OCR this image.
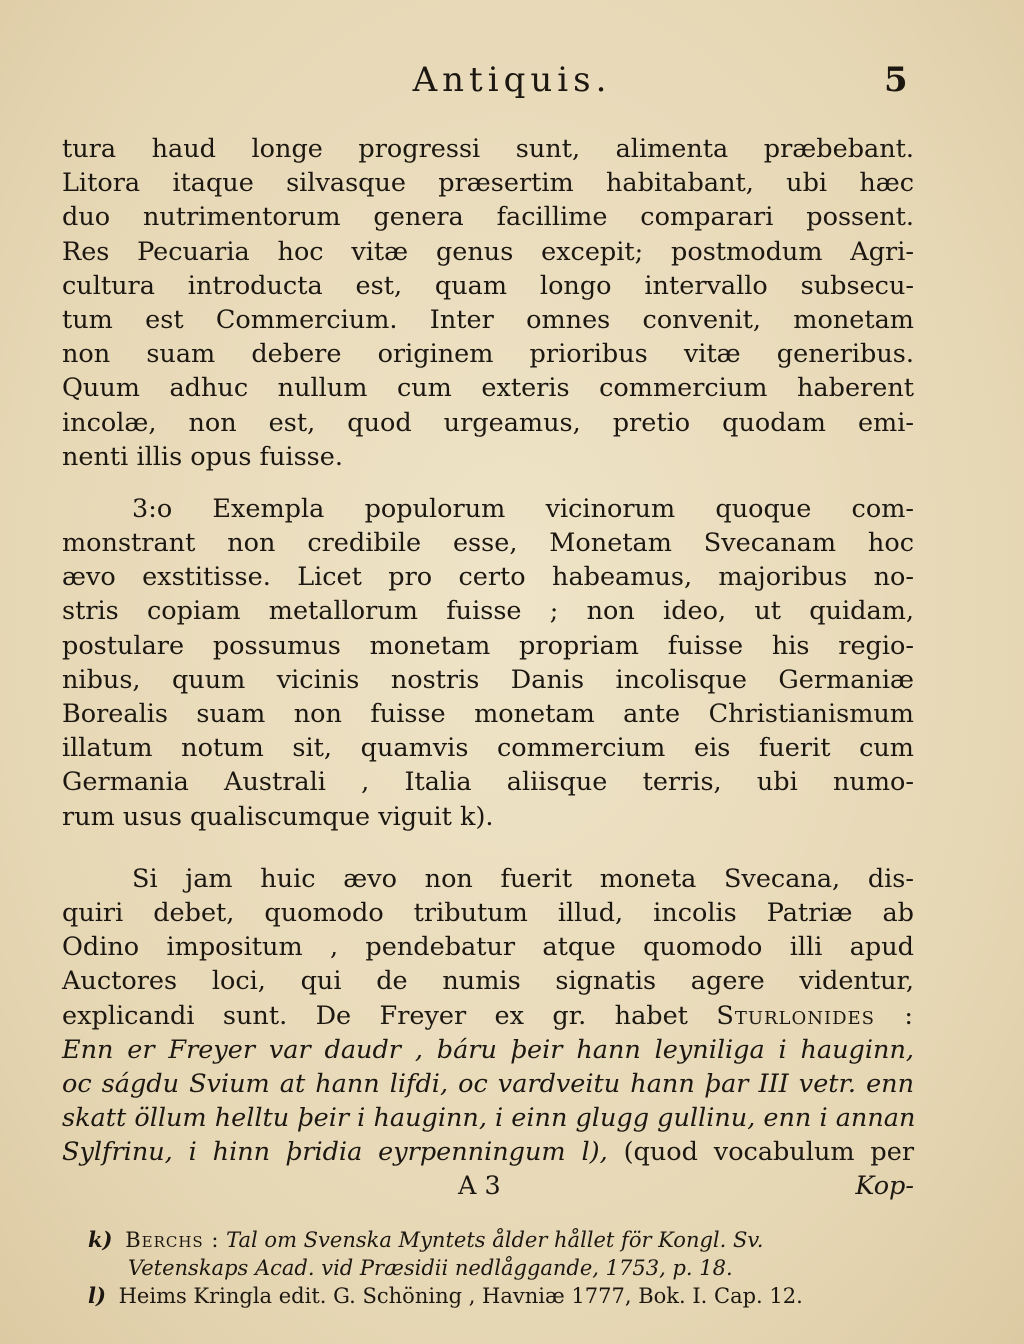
Antiquis.	5
tura haud longe progressi sunt, alimenta præbebant.
Litora itaque silvasque præsertim habitabant, ubi hæc
duo nutrimentorum genera facillime comparari possent.
Res Pecuaria hoc vitæ genus excepit; postmodum Agri-
cultura introducta est, quam longo intervallo subsecu-
tum est Commercium. Inter omnes convenit, monetam
non suam debere originem prioribus vitæ generibus.
Quum adhuc nullum cum exteris commercium haberent
incolæ, non est, quod urgeamus, pretio quodam emi-
nenti illis opus fuisse.
3:o Exempla populorum vicinorum quoque com-
monstrant non credibile esse, Monetam Svecanam hoc
ævo exstitisse. Licet pro certo habeamus, majoribus no-
stris copiam metallorum fuisse ; non ideo, ut quidam,
postulare possumus monetam propriam fuisse his regio-
nibus, quum vicinis nostris Danis incolisque Germaniæ
Borealis suam non fuisse monetam ante Christianismum
illatum notum sit, quamvis commercium eis fuerit cum
Germania Australi , Italia aliisque terris, ubi numo-
rum usus qualiscumque viguit k).
Si jam huic ævo non fuerit moneta Svecana, dis-
quiri debet, quomodo tributum illud, incolis Patriæ ab
Odino impositum , pendebatur atque quomodo illi apud
Auctores loci, qui de numis signatis agere videntur,
explicandi sunt. De Freyer ex gr. habet Sturlonides :
Enn er Freyer var daudr , báru þeir hann leyniliga i hauginn,
oc ságdu Svium at hann lifdi, oc vardveitu hann þar III vetr. enn
skatt öllum helltu þeir i hauginn, i einn glugg gullinu, enn i annan
Sylfrinu, i hinn þridia eyrpenningum l), (quod vocabulum per
A 3	Kop-
k) Berchs : Tal om Svenska Myntets ålder hållet för Kongl. Sv.
Vetenskaps Acad. vid Præsidii nedlåggande, 1753, p. 18.
l) Heims Kringla edit. G. Schöning , Havniæ 1777, Bok. I. Cap. 12.
